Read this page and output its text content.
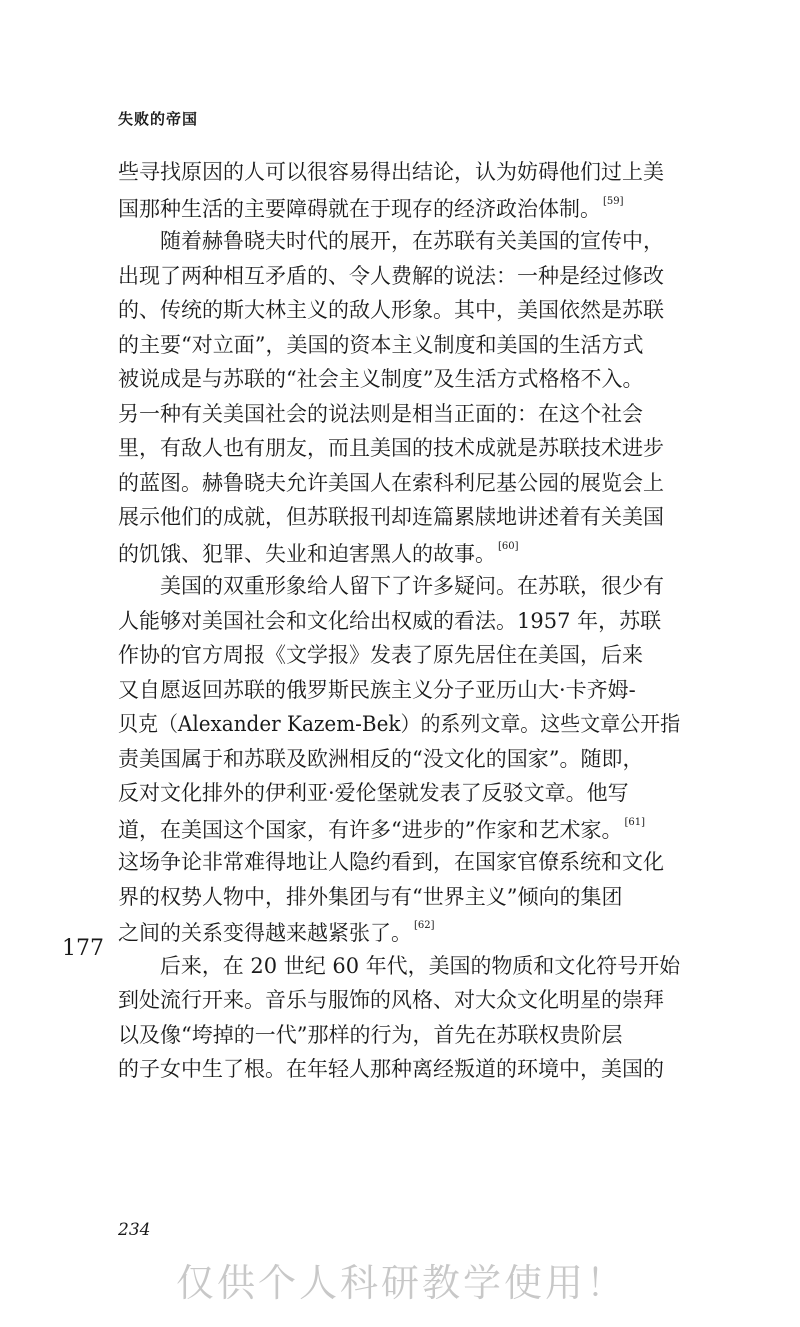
失败的帝国
些寻找原因的人可以很容易得出结论，认为妨碍他们过上美
国那种生活的主要障碍就在于现存的经济政治体制。 [59]
　　随着赫鲁晓夫时代的展开，在苏联有关美国的宣传中，
出现了两种相互矛盾的、令人费解的说法：一种是经过修改
的、传统的斯大林主义的敌人形象。其中，美国依然是苏联
的主要“对立面”，美国的资本主义制度和美国的生活方式
被说成是与苏联的“社会主义制度”及生活方式格格不入。
另一种有关美国社会的说法则是相当正面的：在这个社会
里，有敌人也有朋友，而且美国的技术成就是苏联技术进步
的蓝图。赫鲁晓夫允许美国人在索科利尼基公园的展览会上
展示他们的成就，但苏联报刊却连篇累牍地讲述着有关美国
的饥饿、犯罪、失业和迫害黑人的故事。 [60]
　　美国的双重形象给人留下了许多疑问。在苏联，很少有
人能够对美国社会和文化给出权威的看法。1957 年，苏联
作协的官方周报《文学报》发表了原先居住在美国，后来
又自愿返回苏联的俄罗斯民族主义分子亚历山大·卡齐姆-
贝克（Alexander Kazem-Bek）的系列文章。这些文章公开指
责美国属于和苏联及欧洲相反的“没文化的国家”。随即，
反对文化排外的伊利亚·爱伦堡就发表了反驳文章。他写
道，在美国这个国家，有许多“进步的”作家和艺术家。 [61]
这场争论非常难得地让人隐约看到，在国家官僚系统和文化
界的权势人物中，排外集团与有“世界主义”倾向的集团
之间的关系变得越来越紧张了。 [62]
　　后来，在 20 世纪 60 年代，美国的物质和文化符号开始
到处流行开来。音乐与服饰的风格、对大众文化明星的崇拜
以及像“垮掉的一代”那样的行为，首先在苏联权贵阶层
的子女中生了根。在年轻人那种离经叛道的环境中，美国的
177
234
仅供个人科研教学使用！
